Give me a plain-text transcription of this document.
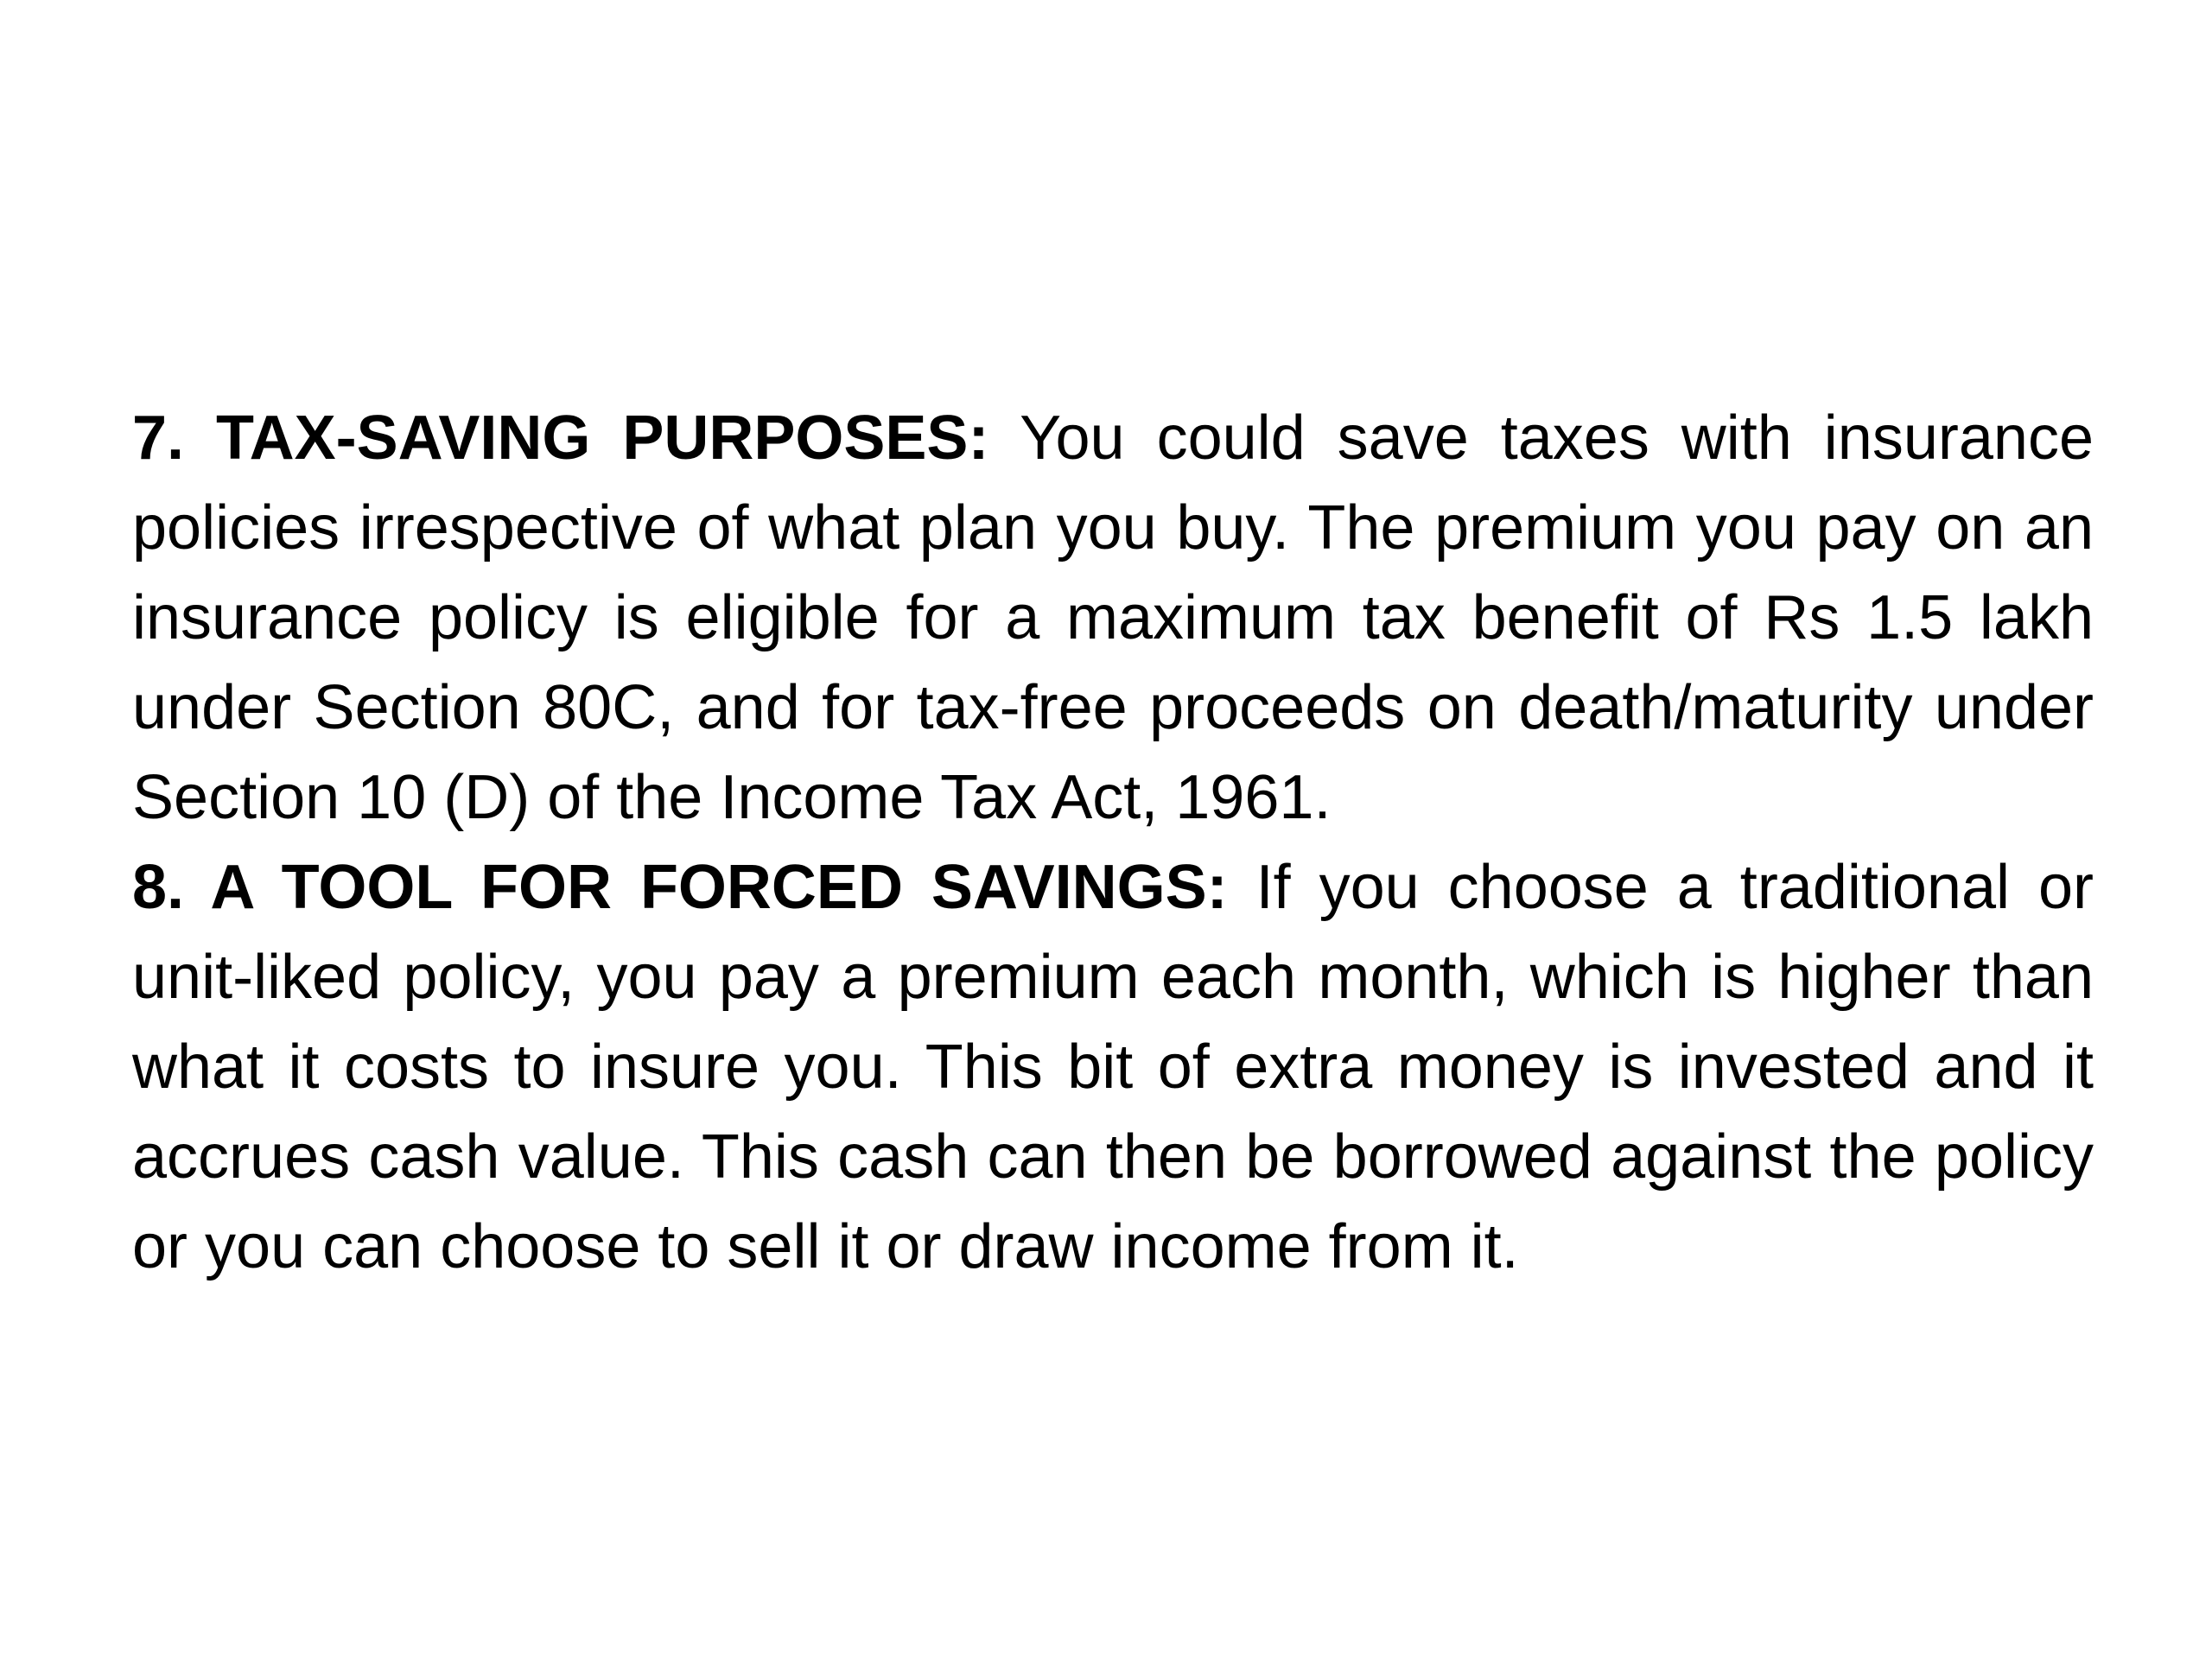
7. TAX-SAVING PURPOSES: You could save taxes with insurance policies irrespective of what plan you buy. The premium you pay on an insurance policy is eligible for a maximum tax benefit of Rs 1.5 lakh under Section 80C, and for tax-free proceeds on death/maturity under Section 10 (D) of the Income Tax Act, 1961.

8. A TOOL FOR FORCED SAVINGS: If you choose a traditional or unit-liked policy, you pay a premium each month, which is higher than what it costs to insure you. This bit of extra money is invested and it accrues cash value. This cash can then be borrowed against the policy or you can choose to sell it or draw income from it.
